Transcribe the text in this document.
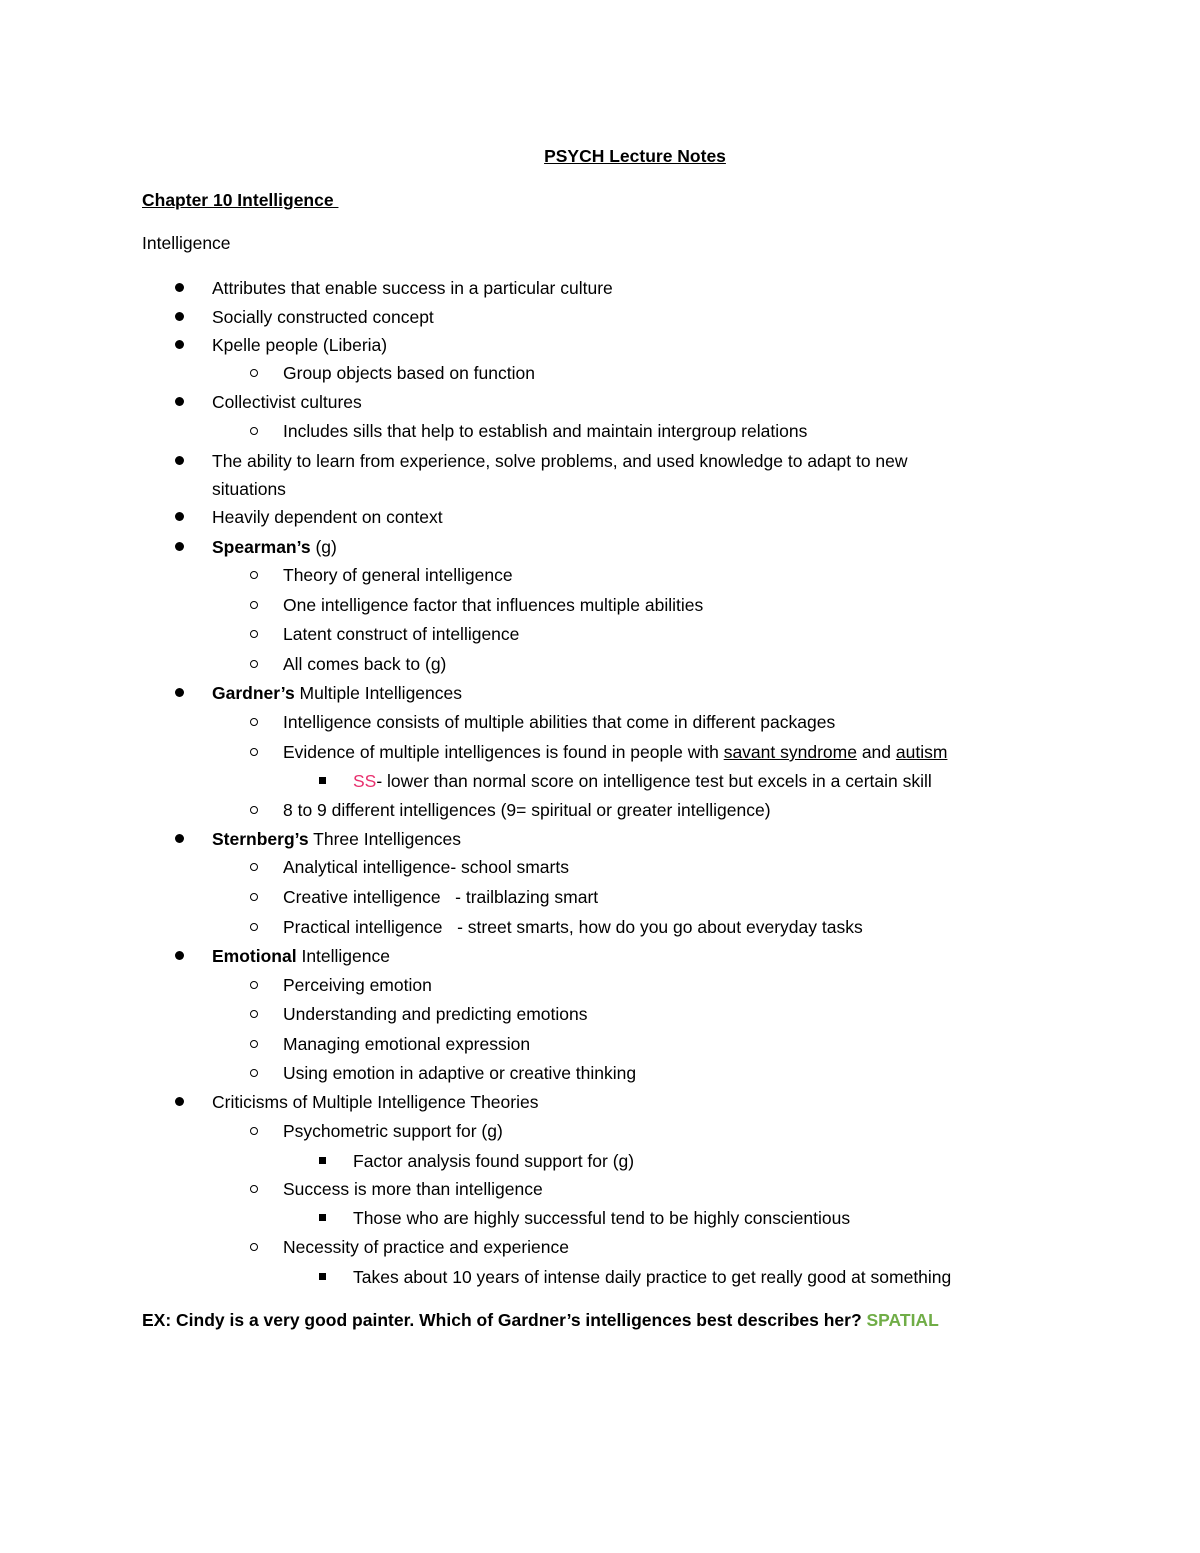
PSYCH Lecture Notes
Chapter 10 Intelligence
Intelligence
Attributes that enable success in a particular culture
Socially constructed concept
Kpelle people (Liberia)
Group objects based on function
Collectivist cultures
Includes sills that help to establish and maintain intergroup relations
The ability to learn from experience, solve problems, and used knowledge to adapt to new
situations
Heavily dependent on context
Spearman’s (g)
Theory of general intelligence
One intelligence factor that influences multiple abilities
Latent construct of intelligence
All comes back to (g)
Gardner’s Multiple Intelligences
Intelligence consists of multiple abilities that come in different packages
Evidence of multiple intelligences is found in people with savant syndrome and autism
SS- lower than normal score on intelligence test but excels in a certain skill
8 to 9 different intelligences (9= spiritual or greater intelligence)
Sternberg’s Three Intelligences
Analytical intelligence- school smarts
Creative intelligence   - trailblazing smart
Practical intelligence   - street smarts, how do you go about everyday tasks
Emotional Intelligence
Perceiving emotion
Understanding and predicting emotions
Managing emotional expression
Using emotion in adaptive or creative thinking
Criticisms of Multiple Intelligence Theories
Psychometric support for (g)
Factor analysis found support for (g)
Success is more than intelligence
Those who are highly successful tend to be highly conscientious
Necessity of practice and experience
Takes about 10 years of intense daily practice to get really good at something
EX: Cindy is a very good painter. Which of Gardner’s intelligences best describes her? SPATIAL
